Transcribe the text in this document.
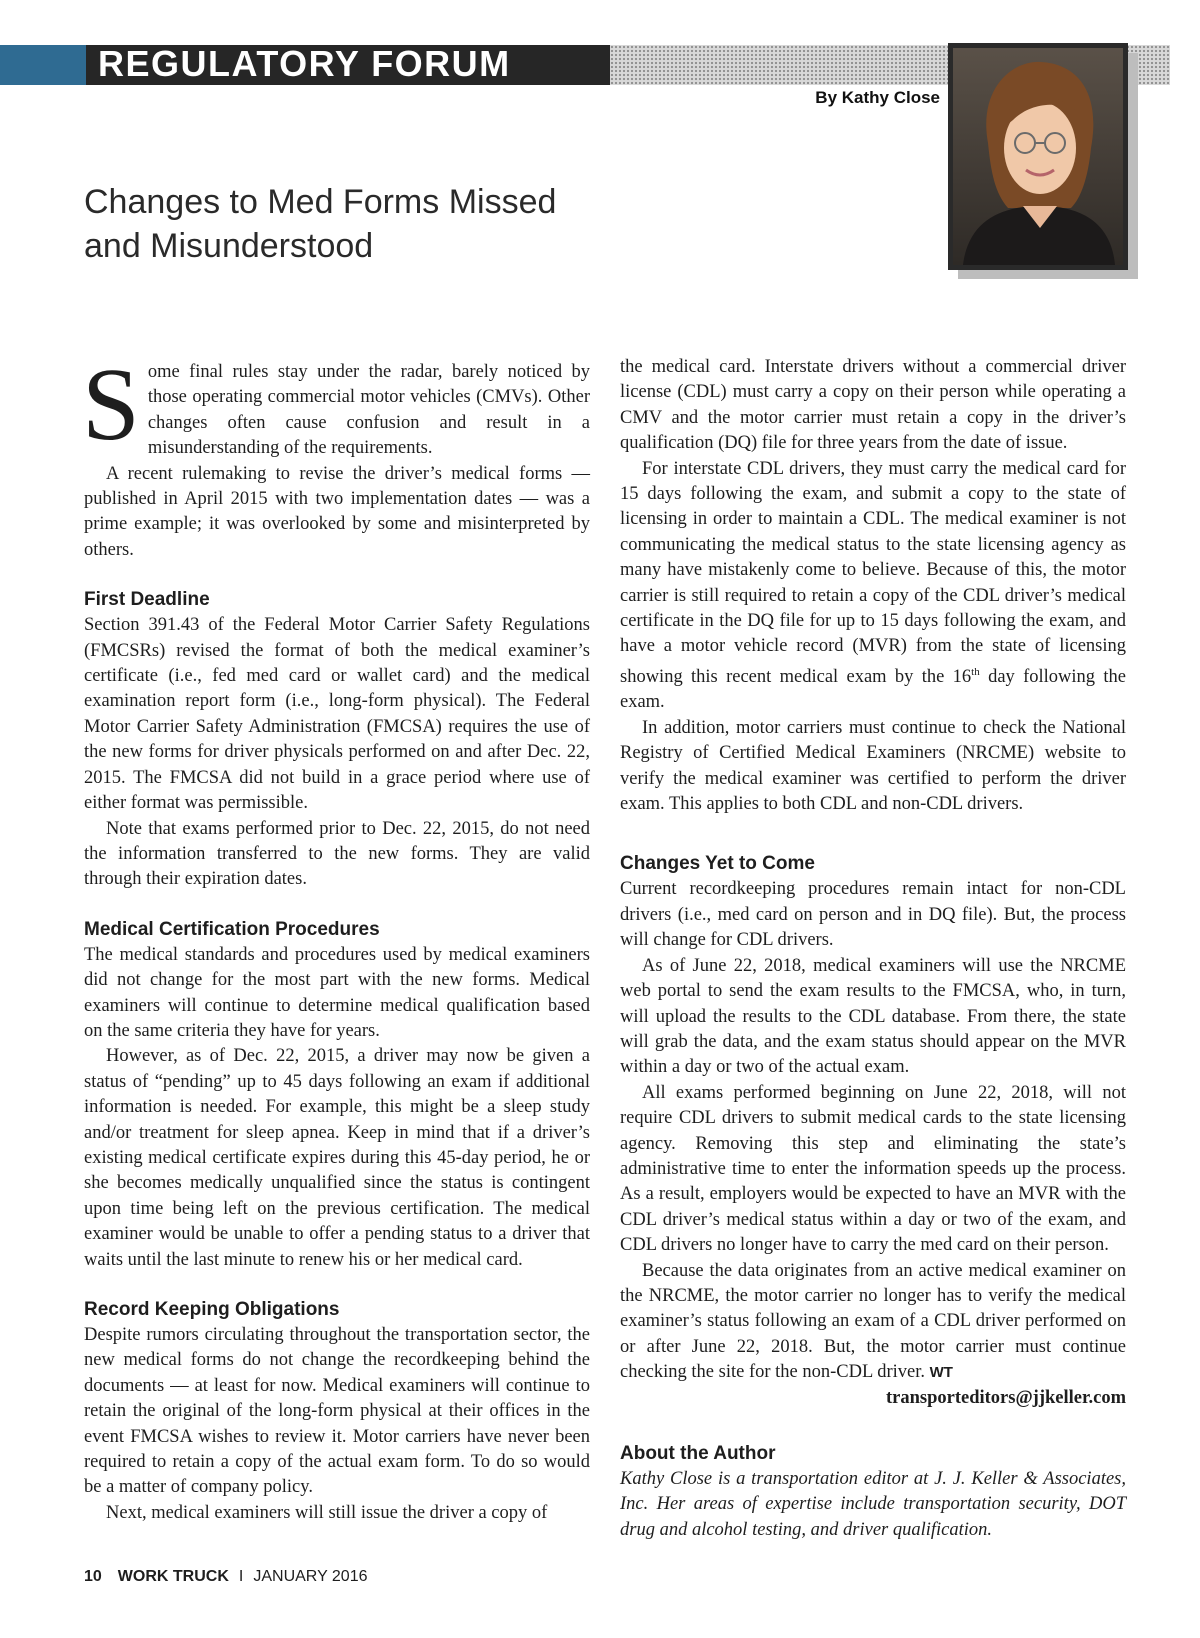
REGULATORY FORUM
By Kathy Close
Changes to Med Forms Missed
and Misunderstood

Some final rules stay under the radar, barely noticed by those operating commercial motor vehicles (CMVs). Other changes often cause confusion and result in a misunderstanding of the requirements.

A recent rulemaking to revise the driver’s medical forms — published in April 2015 with two implementation dates — was a prime example; it was overlooked by some and misinterpreted by others.

First Deadline

Section 391.43 of the Federal Motor Carrier Safety Regulations (FMCSRs) revised the format of both the medical examiner’s certificate (i.e., fed med card or wallet card) and the medical examination report form (i.e., long-form physical). The Federal Motor Carrier Safety Administration (FMCSA) requires the use of the new forms for driver physicals performed on and after Dec. 22, 2015. The FMCSA did not build in a grace period where use of either format was permissible.

Note that exams performed prior to Dec. 22, 2015, do not need the information transferred to the new forms. They are valid through their expiration dates.

Medical Certification Procedures

The medical standards and procedures used by medical examiners did not change for the most part with the new forms. Medical examiners will continue to determine medical qualification based on the same criteria they have for years.

However, as of Dec. 22, 2015, a driver may now be given a status of “pending” up to 45 days following an exam if additional information is needed. For example, this might be a sleep study and/or treatment for sleep apnea. Keep in mind that if a driver’s existing medical certificate expires during this 45-day period, he or she becomes medically unqualified since the status is contingent upon time being left on the previous certification. The medical examiner would be unable to offer a pending status to a driver that waits until the last minute to renew his or her medical card.

Record Keeping Obligations

Despite rumors circulating throughout the transportation sector, the new medical forms do not change the recordkeeping behind the documents — at least for now. Medical examiners will continue to retain the original of the long-form physical at their offices in the event FMCSA wishes to review it. Motor carriers have never been required to retain a copy of the actual exam form. To do so would be a matter of company policy.

Next, medical examiners will still issue the driver a copy of

the medical card. Interstate drivers without a commercial driver license (CDL) must carry a copy on their person while operating a CMV and the motor carrier must retain a copy in the driver’s qualification (DQ) file for three years from the date of issue.

For interstate CDL drivers, they must carry the medical card for 15 days following the exam, and submit a copy to the state of licensing in order to maintain a CDL. The medical examiner is not communicating the medical status to the state licensing agency as many have mistakenly come to believe. Because of this, the motor carrier is still required to retain a copy of the CDL driver’s medical certificate in the DQ file for up to 15 days following the exam, and have a motor vehicle record (MVR) from the state of licensing showing this recent medical exam by the 16th day following the exam.

In addition, motor carriers must continue to check the National Registry of Certified Medical Examiners (NRCME) website to verify the medical examiner was certified to perform the driver exam. This applies to both CDL and non-CDL drivers.

Changes Yet to Come

Current recordkeeping procedures remain intact for non-CDL drivers (i.e., med card on person and in DQ file). But, the process will change for CDL drivers.

As of June 22, 2018, medical examiners will use the NRCME web portal to send the exam results to the FMCSA, who, in turn, will upload the results to the CDL database. From there, the state will grab the data, and the exam status should appear on the MVR within a day or two of the actual exam.

All exams performed beginning on June 22, 2018, will not require CDL drivers to submit medical cards to the state licensing agency. Removing this step and eliminating the state’s administrative time to enter the information speeds up the process. As a result, employers would be expected to have an MVR with the CDL driver’s medical status within a day or two of the exam, and CDL drivers no longer have to carry the med card on their person.

Because the data originates from an active medical examiner on the NRCME, the motor carrier no longer has to verify the medical examiner’s status following an exam of a CDL driver performed on or after June 22, 2018. But, the motor carrier must continue checking the site for the non-CDL driver. WT

transporteditors@jjkeller.com

About the Author

Kathy Close is a transportation editor at J. J. Keller & Associates, Inc. Her areas of expertise include transportation security, DOT drug and alcohol testing, and driver qualification.

10 WORK TRUCK I JANUARY 2016
